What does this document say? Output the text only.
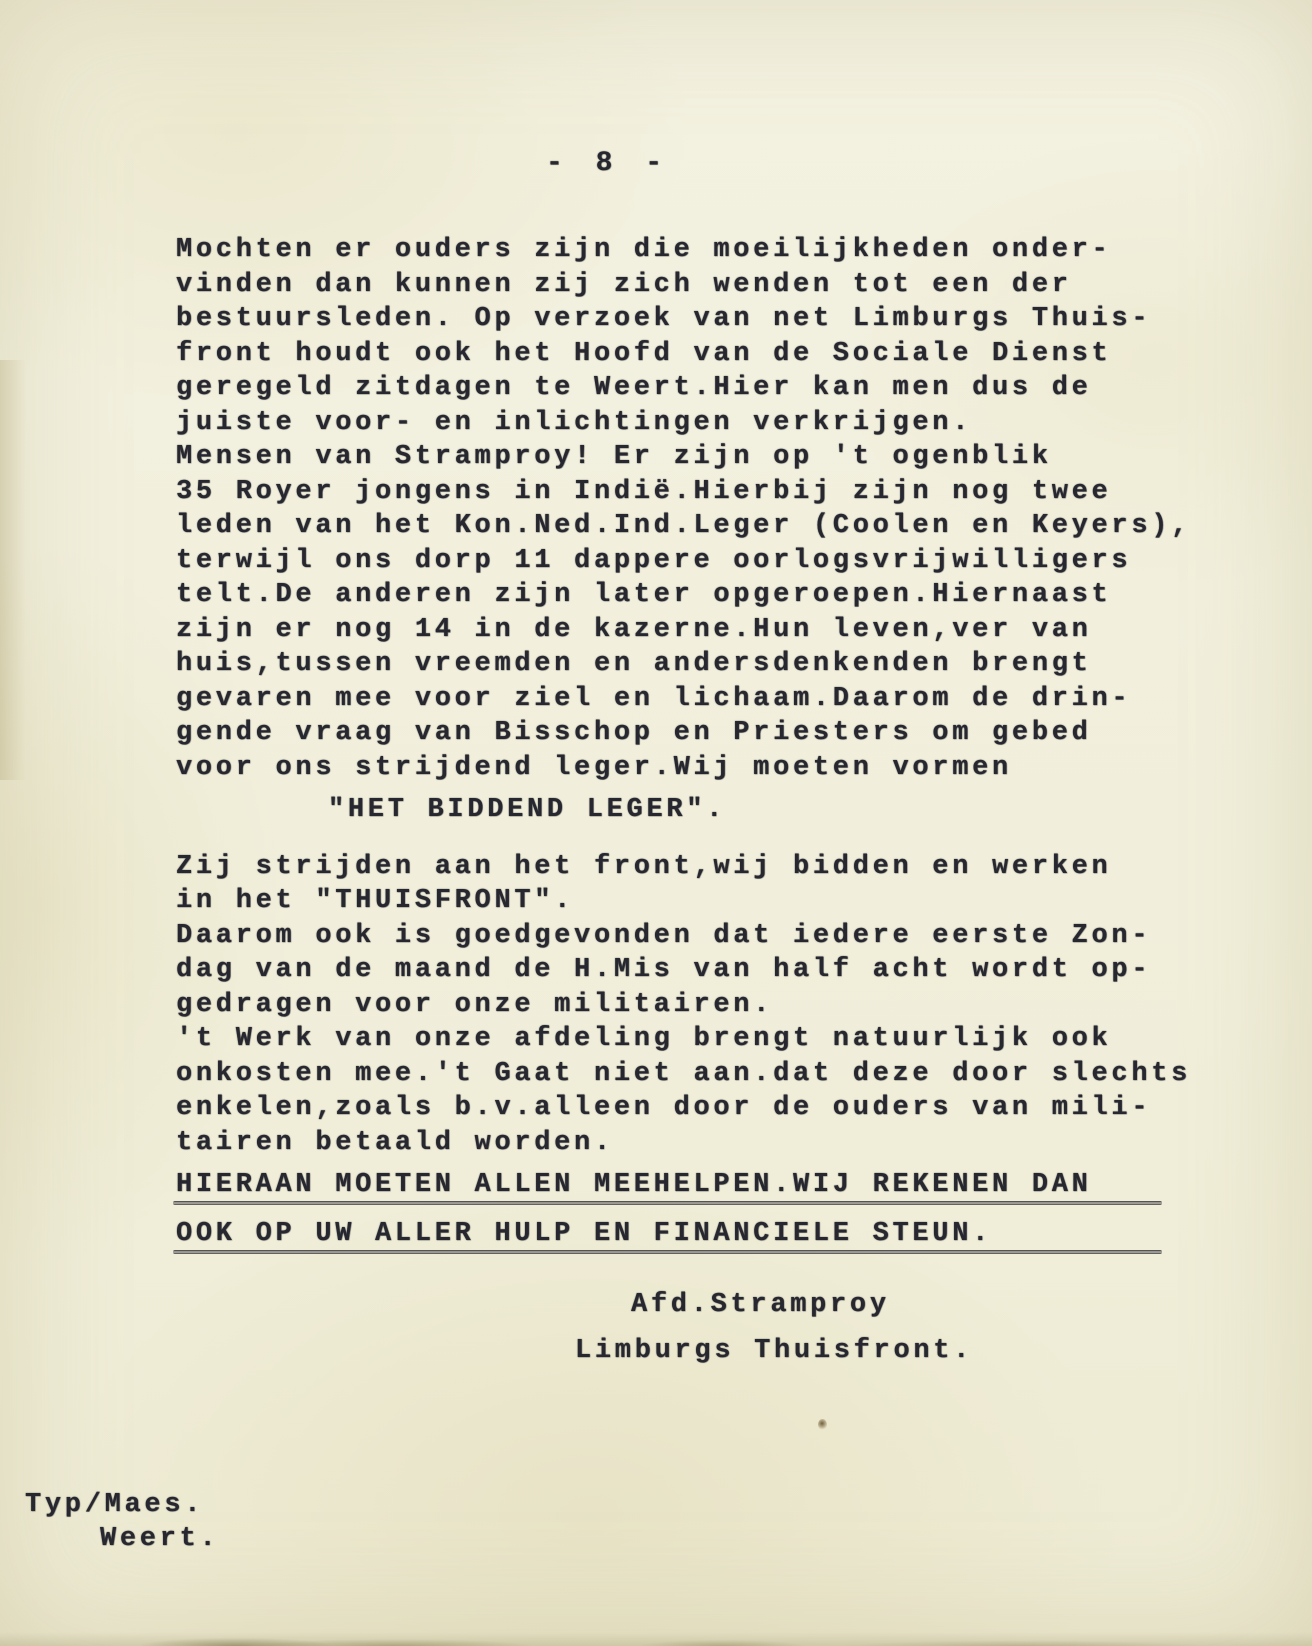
- 8 -
Mochten er ouders zijn die moeilijkheden onder-
vinden dan kunnen zij zich wenden tot een der
bestuursleden. Op verzoek van net Limburgs Thuis-
front houdt ook het Hoofd van de Sociale Dienst
geregeld zitdagen te Weert.Hier kan men dus de
juiste voor- en inlichtingen verkrijgen.
Mensen van Stramproy! Er zijn op 't ogenblik
35 Royer jongens in Indië.Hierbij zijn nog twee
leden van het Kon.Ned.Ind.Leger (Coolen en Keyers),
terwijl ons dorp 11 dappere oorlogsvrijwilligers
telt.De anderen zijn later opgeroepen.Hiernaast
zijn er nog 14 in de kazerne.Hun leven,ver van
huis,tussen vreemden en andersdenkenden brengt
gevaren mee voor ziel en lichaam.Daarom de drin-
gende vraag van Bisschop en Priesters om gebed
voor ons strijdend leger.Wij moeten vormen
"HET BIDDEND LEGER".
Zij strijden aan het front,wij bidden en werken
in het "THUISFRONT".
Daarom ook is goedgevonden dat iedere eerste Zon-
dag van de maand de H.Mis van half acht wordt op-
gedragen voor onze militairen.
't Werk van onze afdeling brengt natuurlijk ook
onkosten mee.'t Gaat niet aan.dat deze door slechts
enkelen,zoals b.v.alleen door de ouders van mili-
tairen betaald worden.
HIERAAN MOETEN ALLEN MEEHELPEN.WIJ REKENEN DAN
OOK OP UW ALLER HULP EN FINANCIELE STEUN.
Afd.Stramproy
Limburgs Thuisfront.
Typ/Maes.
Weert.
